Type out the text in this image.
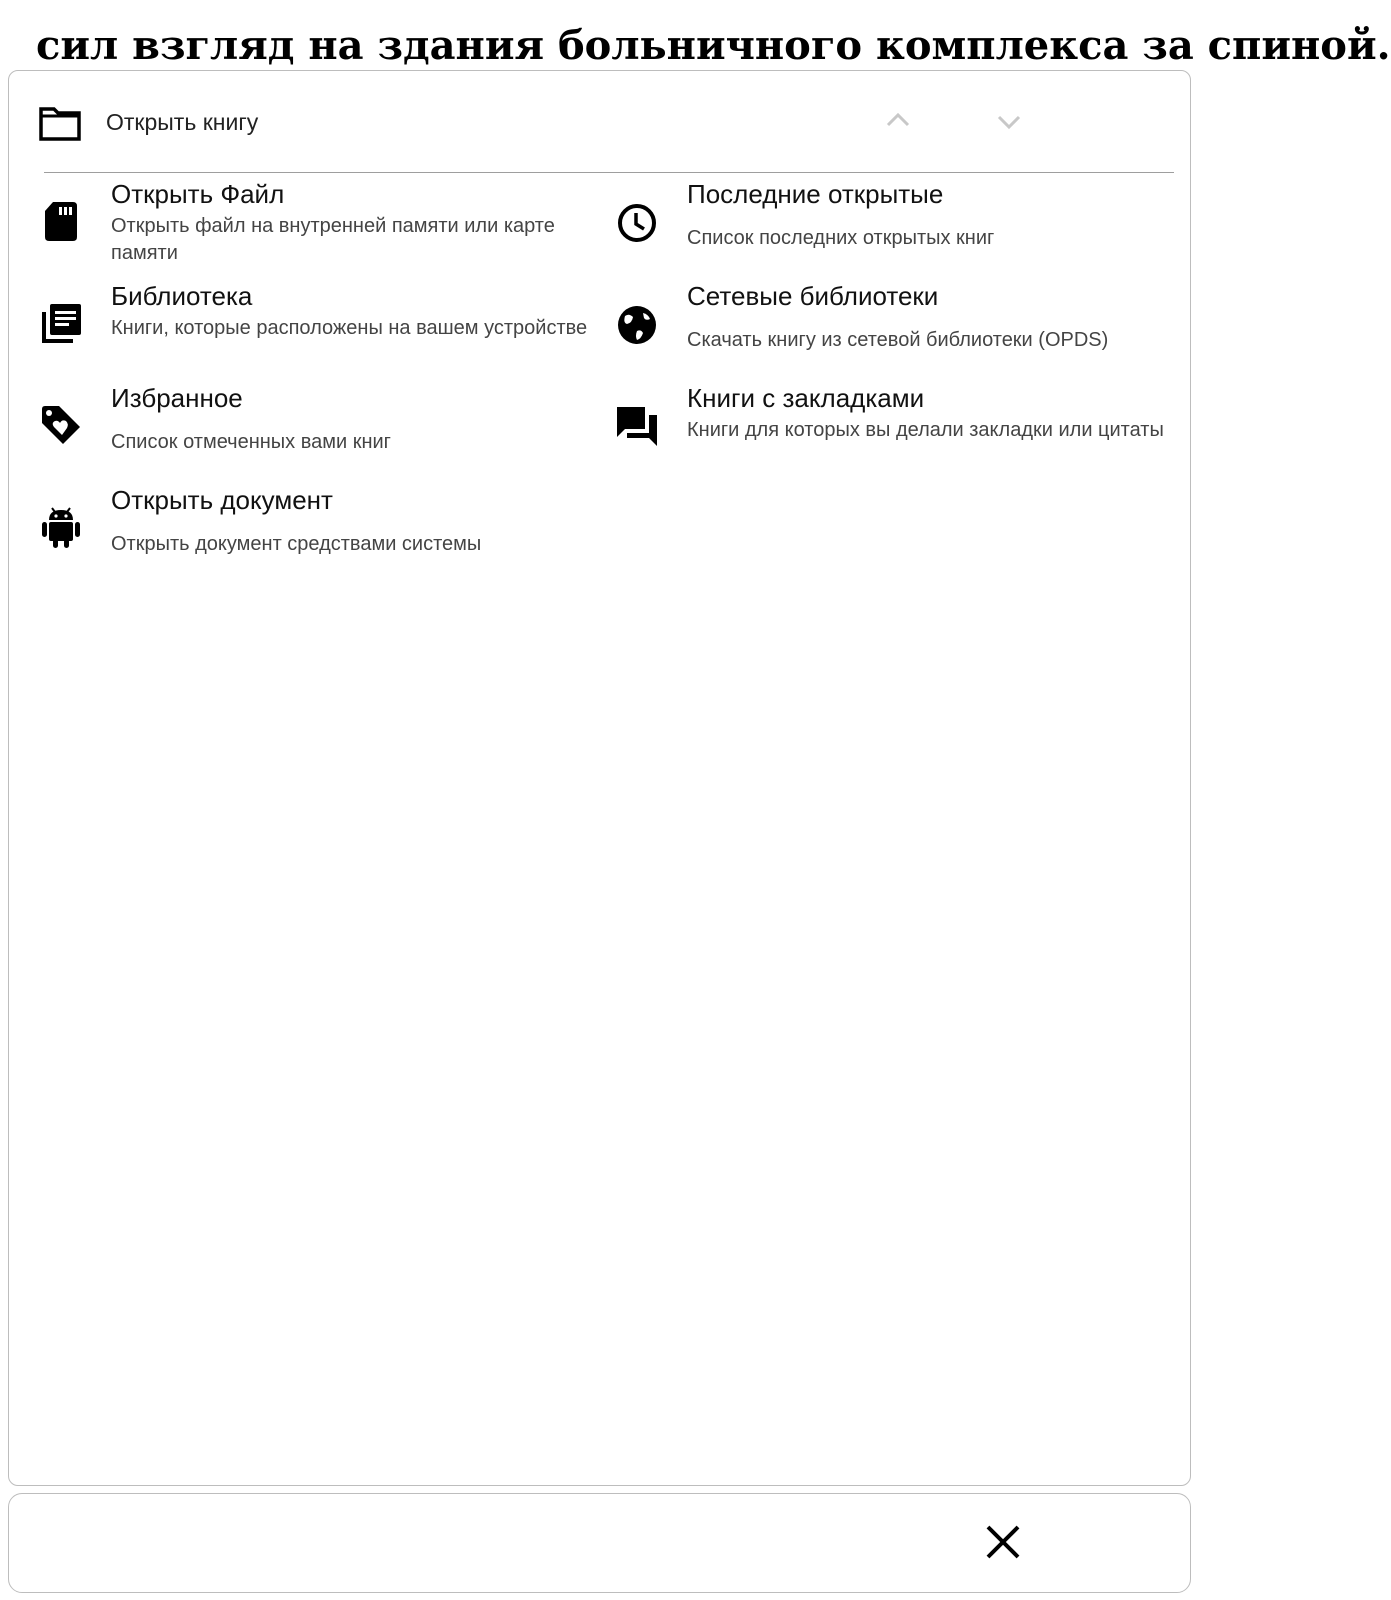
сил взгляд на здания больничного комплекса за спиной.
Открыть книгу
Открыть Файл
Открыть файл на внутренней памяти или карте памяти
Последние открытые
Список последних открытых книг
Библиотека
Книги, которые расположены на вашем устройстве
Сетевые библиотеки
Скачать книгу из сетевой библиотеки (OPDS)
Избранное
Список отмеченных вами книг
Книги с закладками
Книги для которых вы делали закладки или цитаты
Открыть документ
Открыть документ средствами системы
